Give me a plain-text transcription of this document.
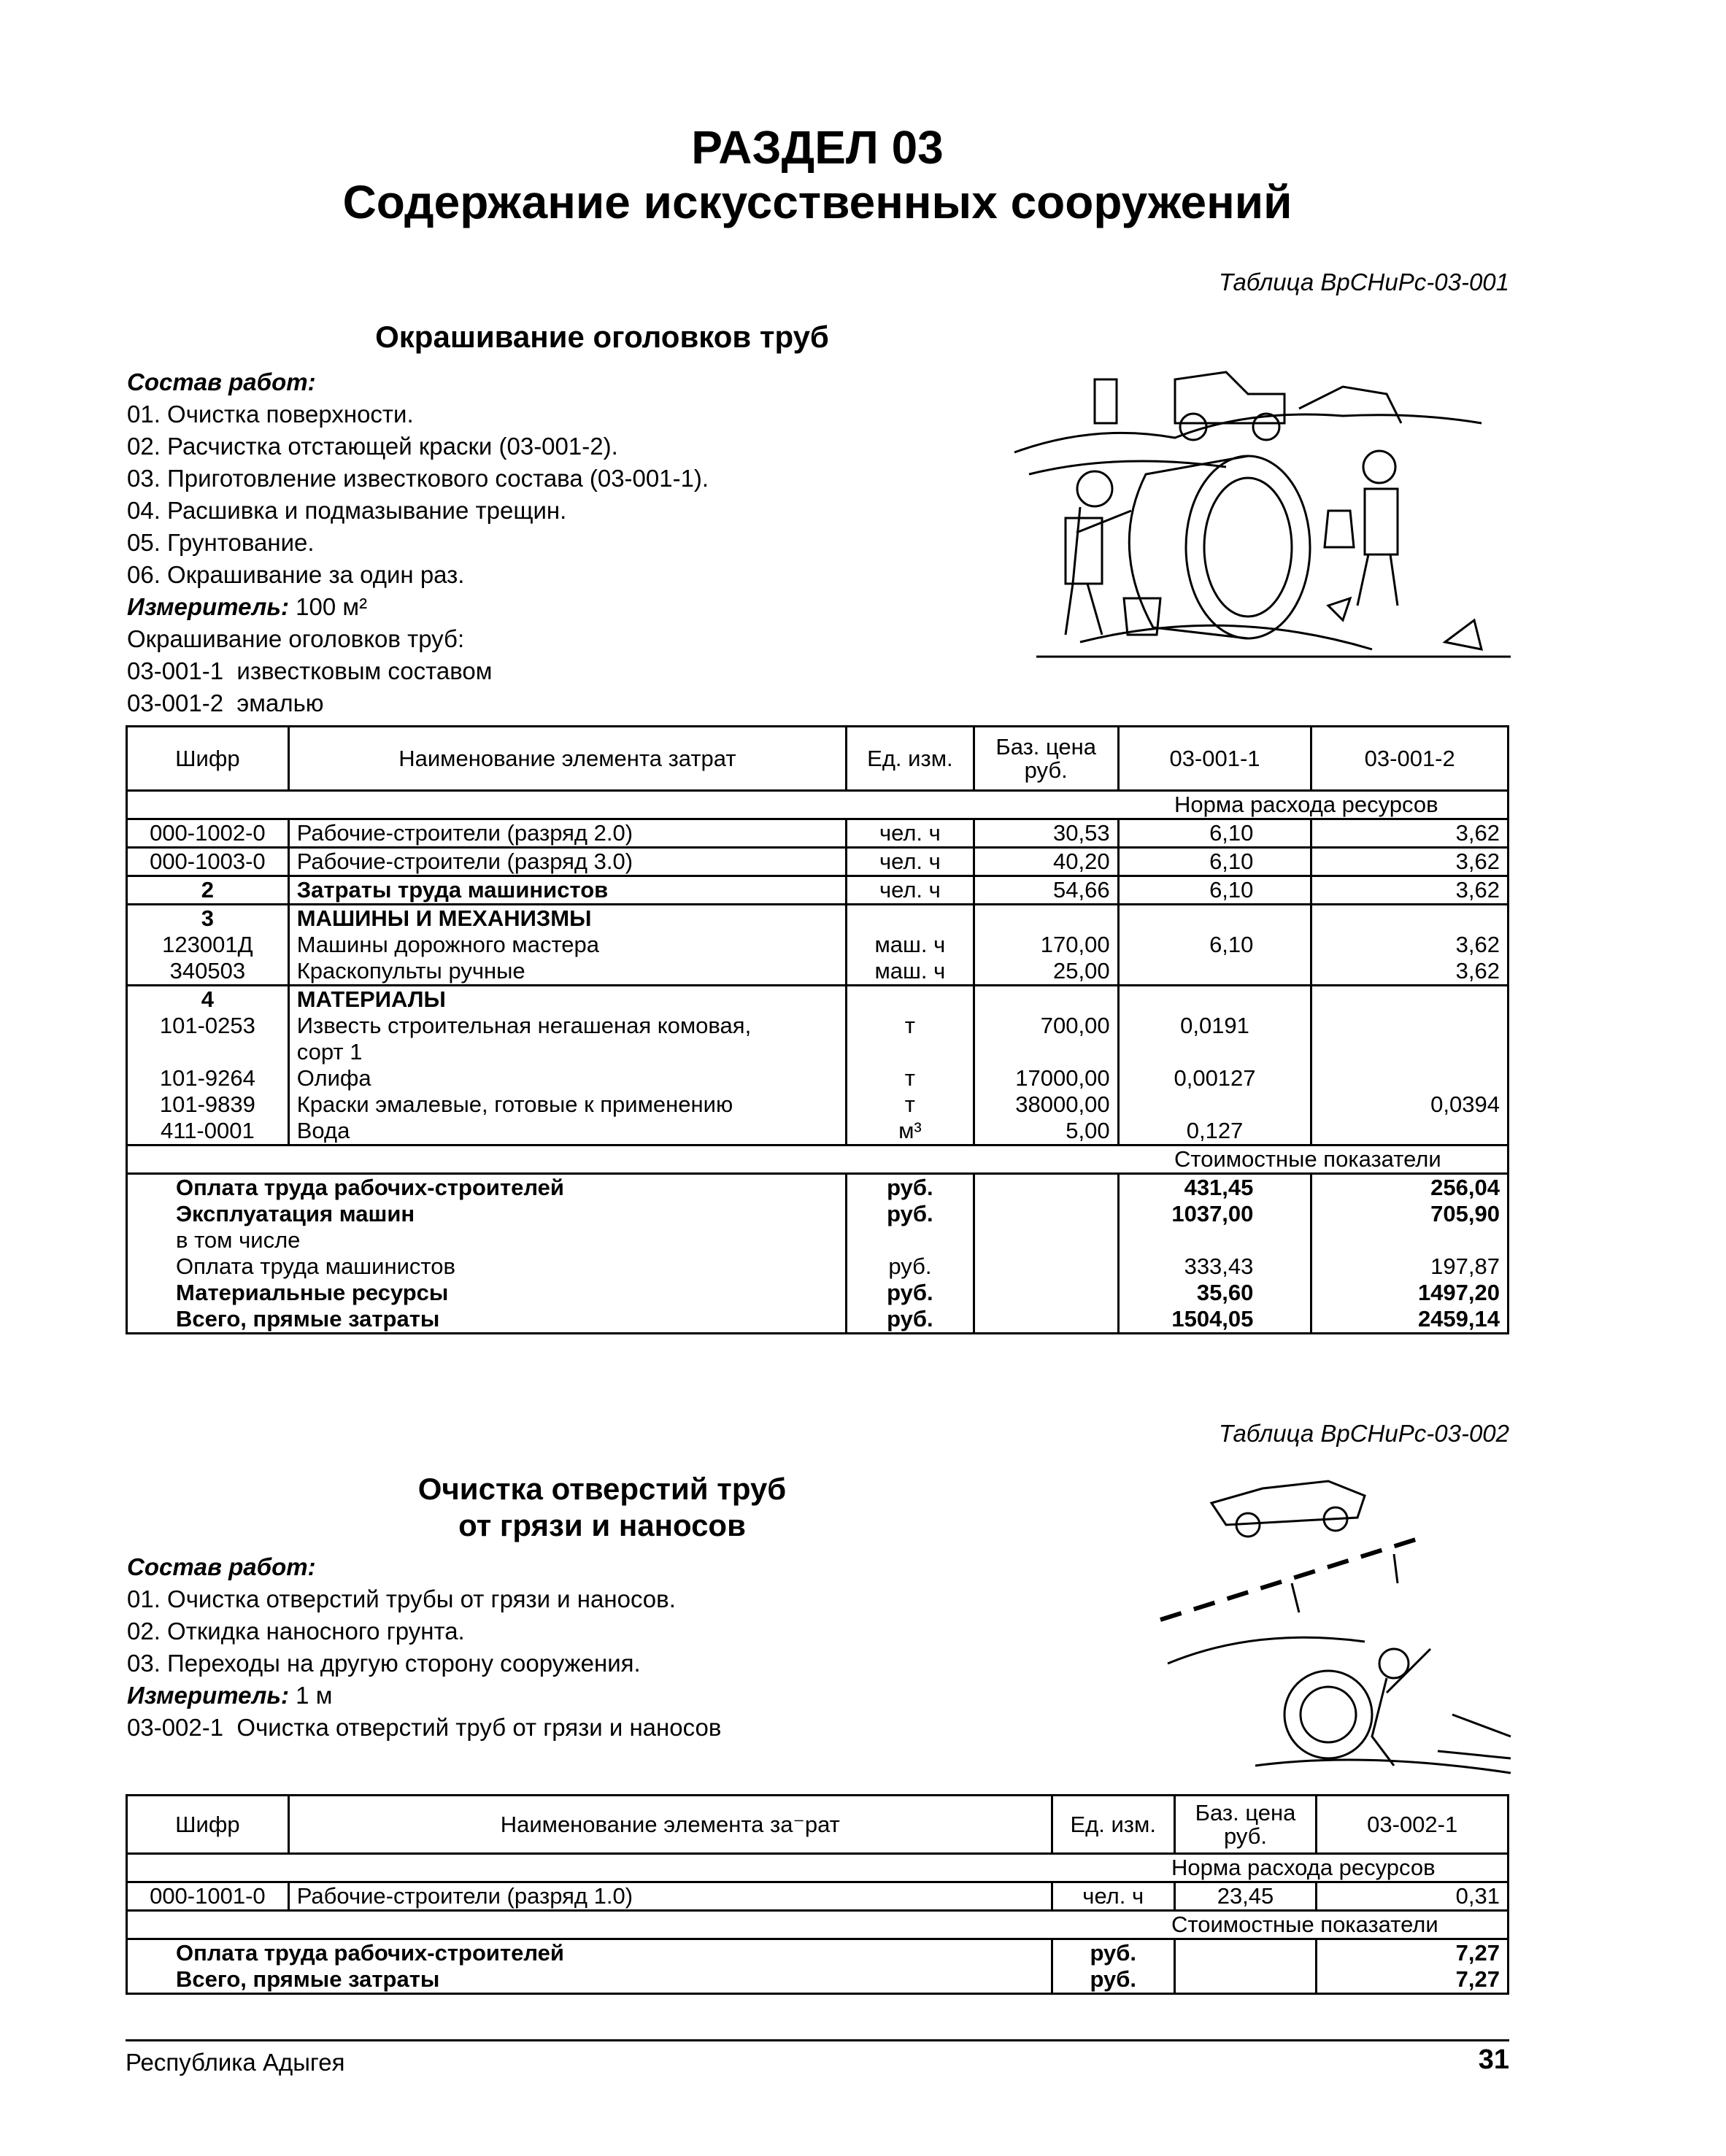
РАЗДЕЛ 03
Содержание искусственных сооружений
Таблица ВрСНиРс-03-001
Окрашивание оголовков труб
Состав работ:
01. Очистка поверхности.
02. Расчистка отстающей краски (03-001-2).
03. Приготовление известкового состава (03-001-1).
04. Расшивка и подмазывание трещин.
05. Грунтование.
06. Окрашивание за один раз.
Измеритель: 100 м²
Окрашивание оголовков труб:
03-001-1  известковым составом
03-001-2  эмалью
Шифр	Наименование элемента затрат	Ед. изм.	Баз. цена руб.	03-001-1	03-001-2
Норма расхода ресурсов					
000-1002-0	Рабочие-строители (разряд 2.0)	чел. ч	30,53	6,10	3,62
000-1003-0	Рабочие-строители (разряд 3.0)	чел. ч	40,20	6,10	3,62
2	Затраты труда машинистов	чел. ч	54,66	6,10	3,62
3	МАШИНЫ И МЕХАНИЗМЫ				
123001Д	Машины дорожного мастера	маш. ч	170,00	6,10	3,62
340503	Краскопульты ручные	маш. ч	25,00		3,62
4	МАТЕРИАЛЫ				
101-0253	Известь строительная негашеная комовая,	т	700,00	0,0191	
	сорт 1				
101-9264	Олифа	т	17000,00	0,00127	
101-9839	Краски эмалевые, готовые к применению	т	38000,00		0,0394
411-0001	Вода	м³	5,00	0,127	
Стоимостные показатели					
Оплата труда рабочих-строителей		руб.		431,45	256,04
Эксплуатация машин		руб.		1037,00	705,90
в том числе					
Оплата труда машинистов		руб.		333,43	197,87
Материальные ресурсы		руб.		35,60	1497,20
Всего, прямые затраты		руб.		1504,05	2459,14
Таблица ВрСНиРс-03-002
Очистка отверстий труб
от грязи и наносов
Состав работ:
01. Очистка отверстий трубы от грязи и наносов.
02. Откидка наносного грунта.
03. Переходы на другую сторону сооружения.
Измеритель: 1 м
03-002-1  Очистка отверстий труб от грязи и наносов
Шифр	Наименование элемента за⁻рат	Ед. изм.	Баз. цена руб.	03-002-1
Норма расхода ресурсов				
000-1001-0	Рабочие-строители (разряд 1.0)	чел. ч	23,45	0,31
Стоимостные показатели				
Оплата труда рабочих-строителей		руб.		7,27
Всего, прямые затраты		руб.		7,27
Республика Адыгея	31
